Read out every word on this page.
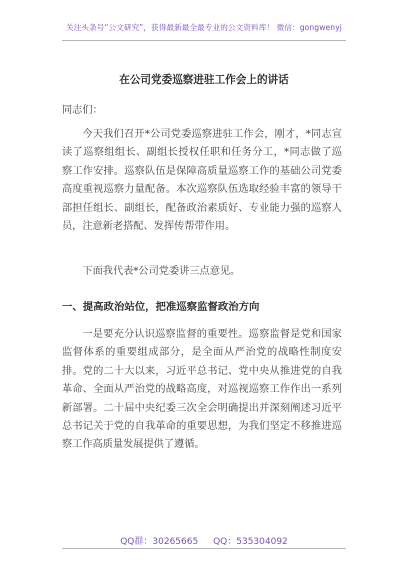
关注头条号“公文研究”，获得最新最全最专业的公文资料库！ 微信：gongwenyj
在公司党委巡察进驻工作会上的讲话
同志们：

今天我们召开*公司党委巡察进驻工作会，刚才，*同志宣读了巡察组组长、副组长授权任职和任务分工，*同志做了巡察工作安排。巡察队伍是保障高质量巡察工作的基础公司党委高度重视巡察力量配备。本次巡察队伍选取经验丰富的领导干部担任组长、副组长，配备政治素质好、专业能力强的巡察人员，注意新老搭配、发挥传帮带作用。

下面我代表*公司党委讲三点意见。

一、提高政治站位，把准巡察监督政治方向

一是要充分认识巡察监督的重要性。巡察监督是党和国家监督体系的重要组成部分，是全面从严治党的战略性制度安排。党的二十大以来，习近平总书记、党中央从推进党的自我革命、全面从严治党的战略高度，对巡视巡察工作作出一系列新部署。二十届中央纪委三次全会明确提出并深刻阐述习近平总书记关于党的自我革命的重要思想，为我们坚定不移推进巡察工作高质量发展提供了遵循。

QQ群：30265665 QQ：535304092
